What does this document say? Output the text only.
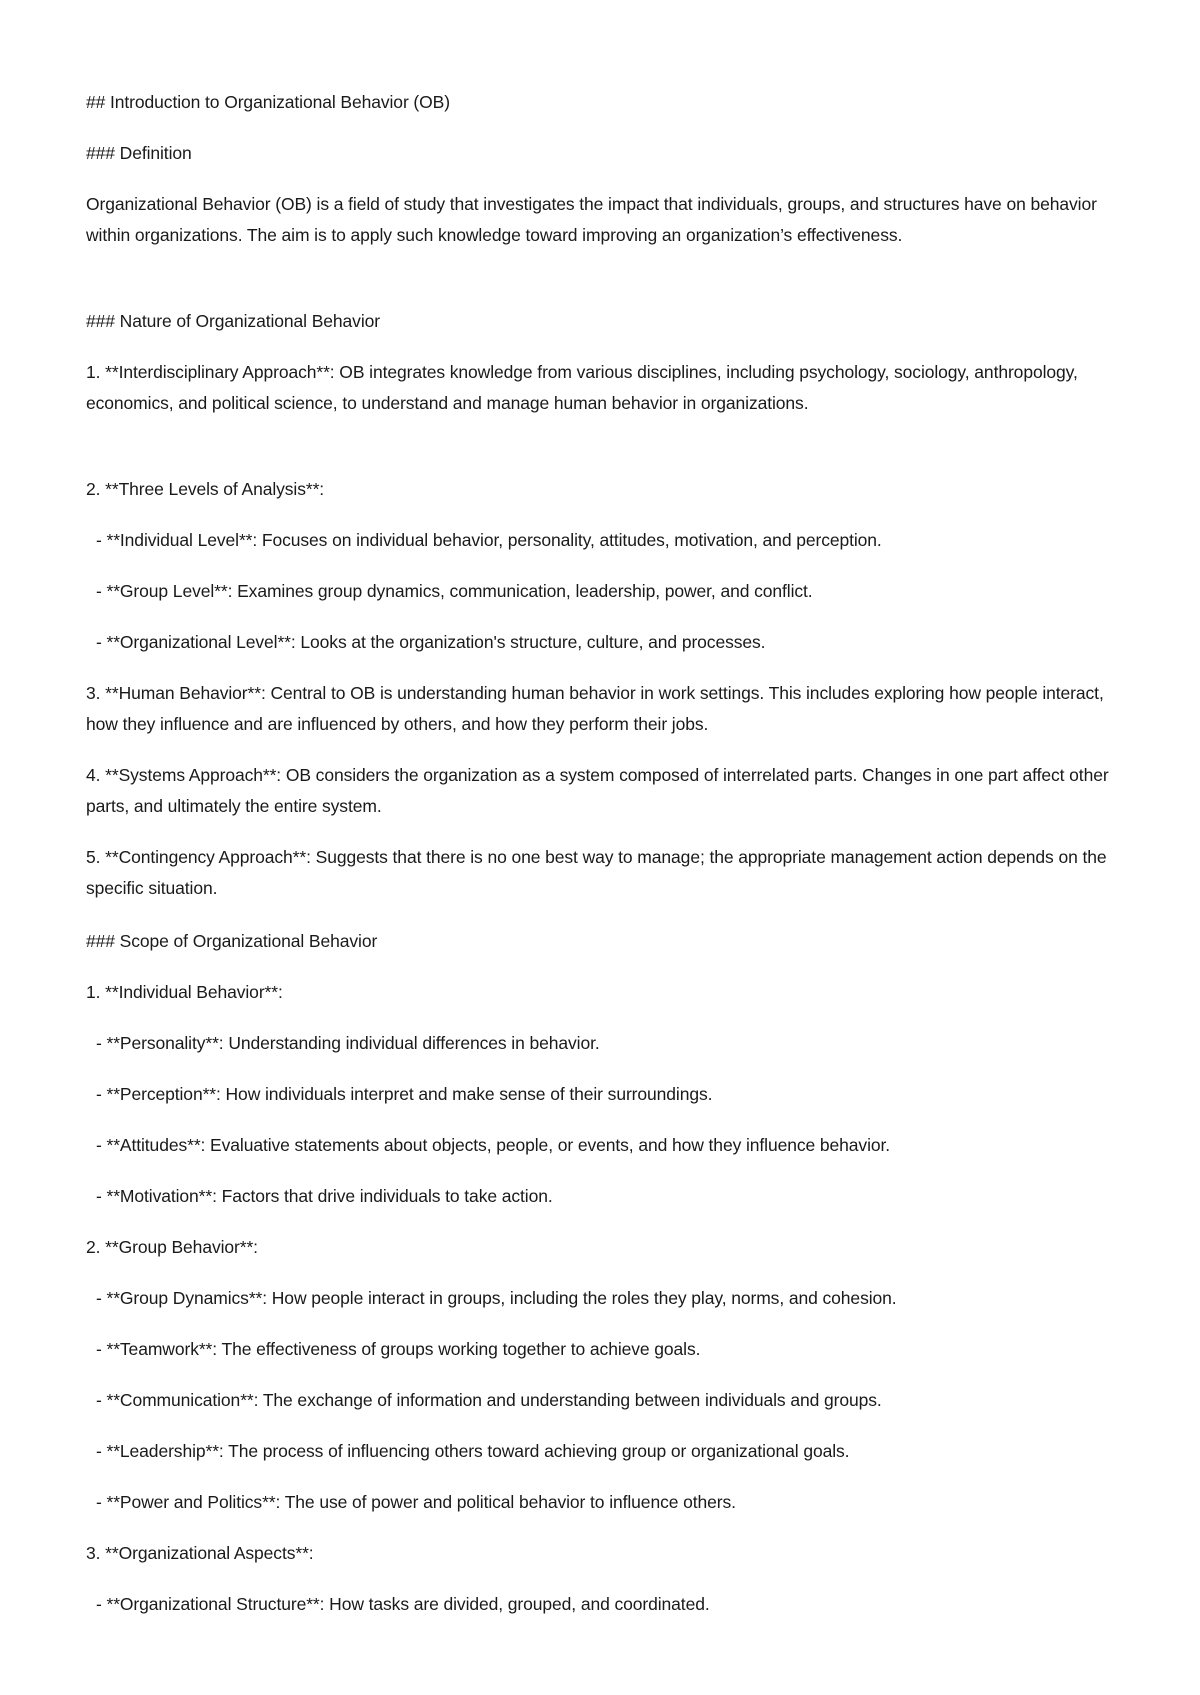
## Introduction to Organizational Behavior (OB)
### Definition
Organizational Behavior (OB) is a field of study that investigates the impact that individuals, groups, and structures have on behavior within organizations. The aim is to apply such knowledge toward improving an organization’s effectiveness.
### Nature of Organizational Behavior
1. **Interdisciplinary Approach**: OB integrates knowledge from various disciplines, including psychology, sociology, anthropology, economics, and political science, to understand and manage human behavior in organizations.
2. **Three Levels of Analysis**:
- **Individual Level**: Focuses on individual behavior, personality, attitudes, motivation, and perception.
- **Group Level**: Examines group dynamics, communication, leadership, power, and conflict.
- **Organizational Level**: Looks at the organization's structure, culture, and processes.
3. **Human Behavior**: Central to OB is understanding human behavior in work settings. This includes exploring how people interact, how they influence and are influenced by others, and how they perform their jobs.
4. **Systems Approach**: OB considers the organization as a system composed of interrelated parts. Changes in one part affect other parts, and ultimately the entire system.
5. **Contingency Approach**: Suggests that there is no one best way to manage; the appropriate management action depends on the specific situation.
### Scope of Organizational Behavior
1. **Individual Behavior**:
- **Personality**: Understanding individual differences in behavior.
- **Perception**: How individuals interpret and make sense of their surroundings.
- **Attitudes**: Evaluative statements about objects, people, or events, and how they influence behavior.
- **Motivation**: Factors that drive individuals to take action.
2. **Group Behavior**:
- **Group Dynamics**: How people interact in groups, including the roles they play, norms, and cohesion.
- **Teamwork**: The effectiveness of groups working together to achieve goals.
- **Communication**: The exchange of information and understanding between individuals and groups.
- **Leadership**: The process of influencing others toward achieving group or organizational goals.
- **Power and Politics**: The use of power and political behavior to influence others.
3. **Organizational Aspects**:
- **Organizational Structure**: How tasks are divided, grouped, and coordinated.
